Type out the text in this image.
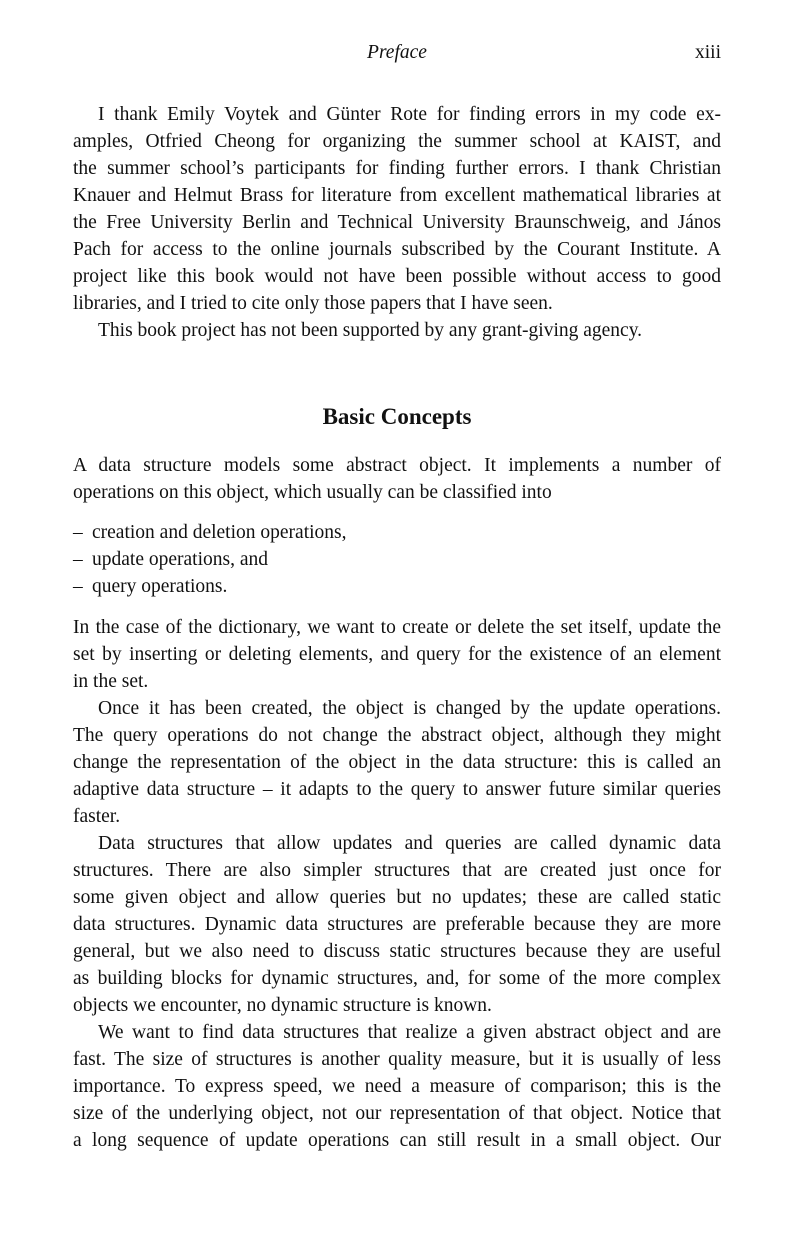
Preface	xiii
I thank Emily Voytek and Günter Rote for finding errors in my code ex-
amples, Otfried Cheong for organizing the summer school at KAIST, and
the summer school’s participants for finding further errors. I thank Christian
Knauer and Helmut Brass for literature from excellent mathematical libraries at
the Free University Berlin and Technical University Braunschweig, and János
Pach for access to the online journals subscribed by the Courant Institute. A
project like this book would not have been possible without access to good
libraries, and I tried to cite only those papers that I have seen.
This book project has not been supported by any grant-giving agency.
Basic Concepts
A data structure models some abstract object. It implements a number of
operations on this object, which usually can be classified into
– creation and deletion operations,
– update operations, and
– query operations.
In the case of the dictionary, we want to create or delete the set itself, update the
set by inserting or deleting elements, and query for the existence of an element
in the set.
Once it has been created, the object is changed by the update operations.
The query operations do not change the abstract object, although they might
change the representation of the object in the data structure: this is called an
adaptive data structure – it adapts to the query to answer future similar queries
faster.
Data structures that allow updates and queries are called dynamic data
structures. There are also simpler structures that are created just once for
some given object and allow queries but no updates; these are called static
data structures. Dynamic data structures are preferable because they are more
general, but we also need to discuss static structures because they are useful
as building blocks for dynamic structures, and, for some of the more complex
objects we encounter, no dynamic structure is known.
We want to find data structures that realize a given abstract object and are
fast. The size of structures is another quality measure, but it is usually of less
importance. To express speed, we need a measure of comparison; this is the
size of the underlying object, not our representation of that object. Notice that
a long sequence of update operations can still result in a small object. Our
